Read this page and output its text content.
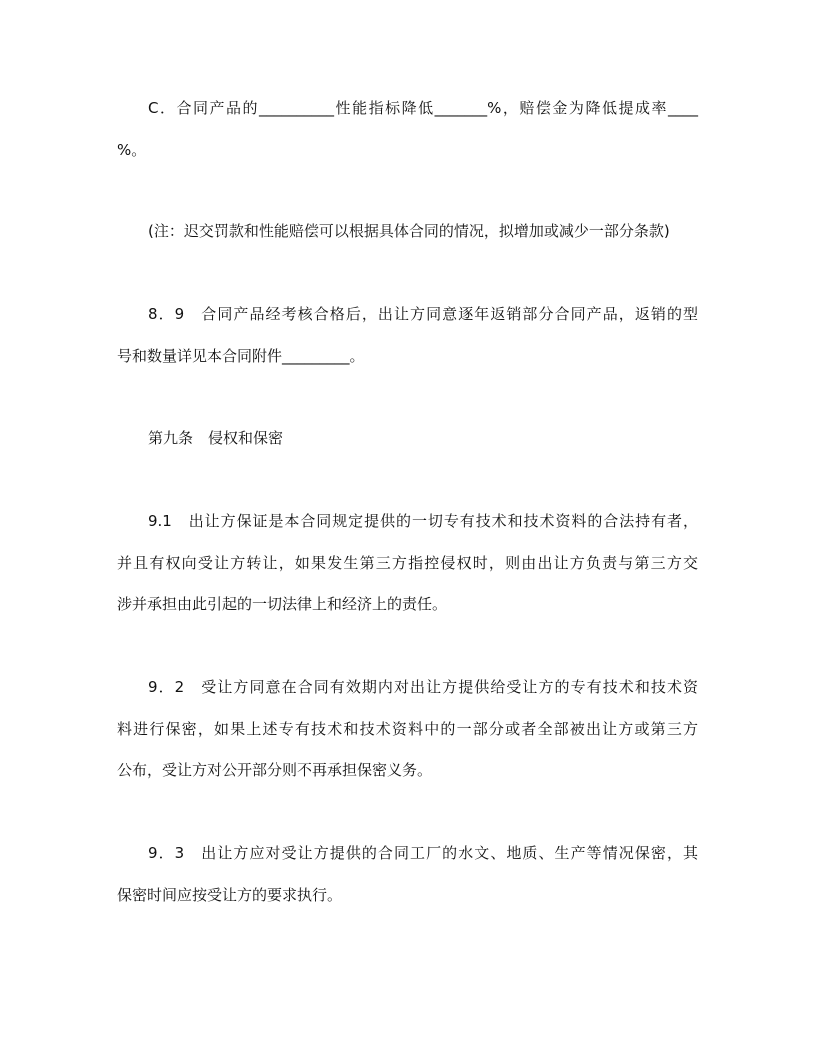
C．合同产品的__________性能指标降低_______%，赔偿金为降低提成率____
%。
(注：迟交罚款和性能赔偿可以根据具体合同的情况，拟增加或减少一部分条款)
8．9　合同产品经考核合格后，出让方同意逐年返销部分合同产品，返销的型
号和数量详见本合同附件_________。
第九条　侵权和保密
9.1　出让方保证是本合同规定提供的一切专有技术和技术资料的合法持有者，
并且有权向受让方转让，如果发生第三方指控侵权时，则由出让方负责与第三方交
涉并承担由此引起的一切法律上和经济上的责任。
9．2　受让方同意在合同有效期内对出让方提供给受让方的专有技术和技术资
料进行保密，如果上述专有技术和技术资料中的一部分或者全部被出让方或第三方
公布，受让方对公开部分则不再承担保密义务。
9．3　出让方应对受让方提供的合同工厂的水文、地质、生产等情况保密，其
保密时间应按受让方的要求执行。
